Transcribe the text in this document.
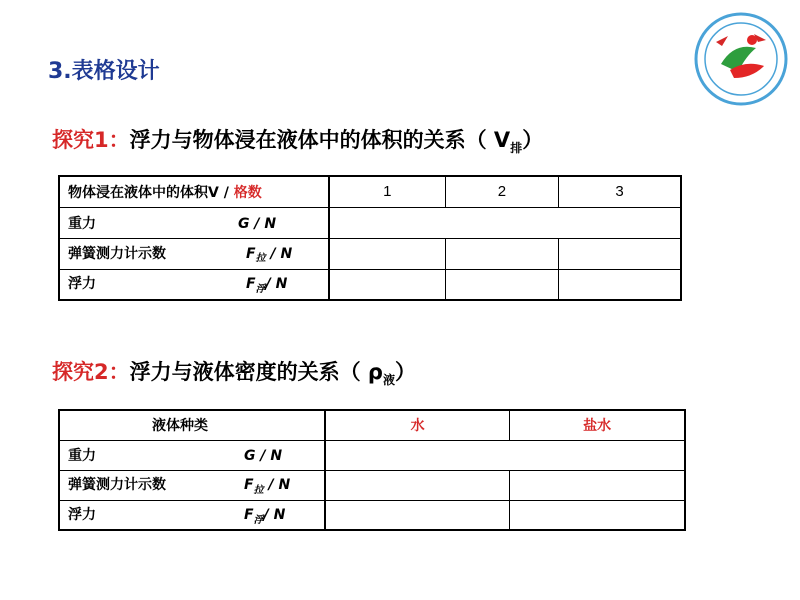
3.表格设计
探究1：浮力与物体浸在液体中的体积的关系（ $V_排$）
物体浸在液体中的体积V / 格数	1	2	3
重力 G / N			
弹簧测力计示数 $F_拉$ / N			
浮力 $F_浮/$ N			
探究2：浮力与液体密度的关系（ $\rho_液$）
液体种类	水	盐水
重力 G / N		
弹簧测力计示数 $F_拉$ / N		
浮力 $F_浮/$ N		
